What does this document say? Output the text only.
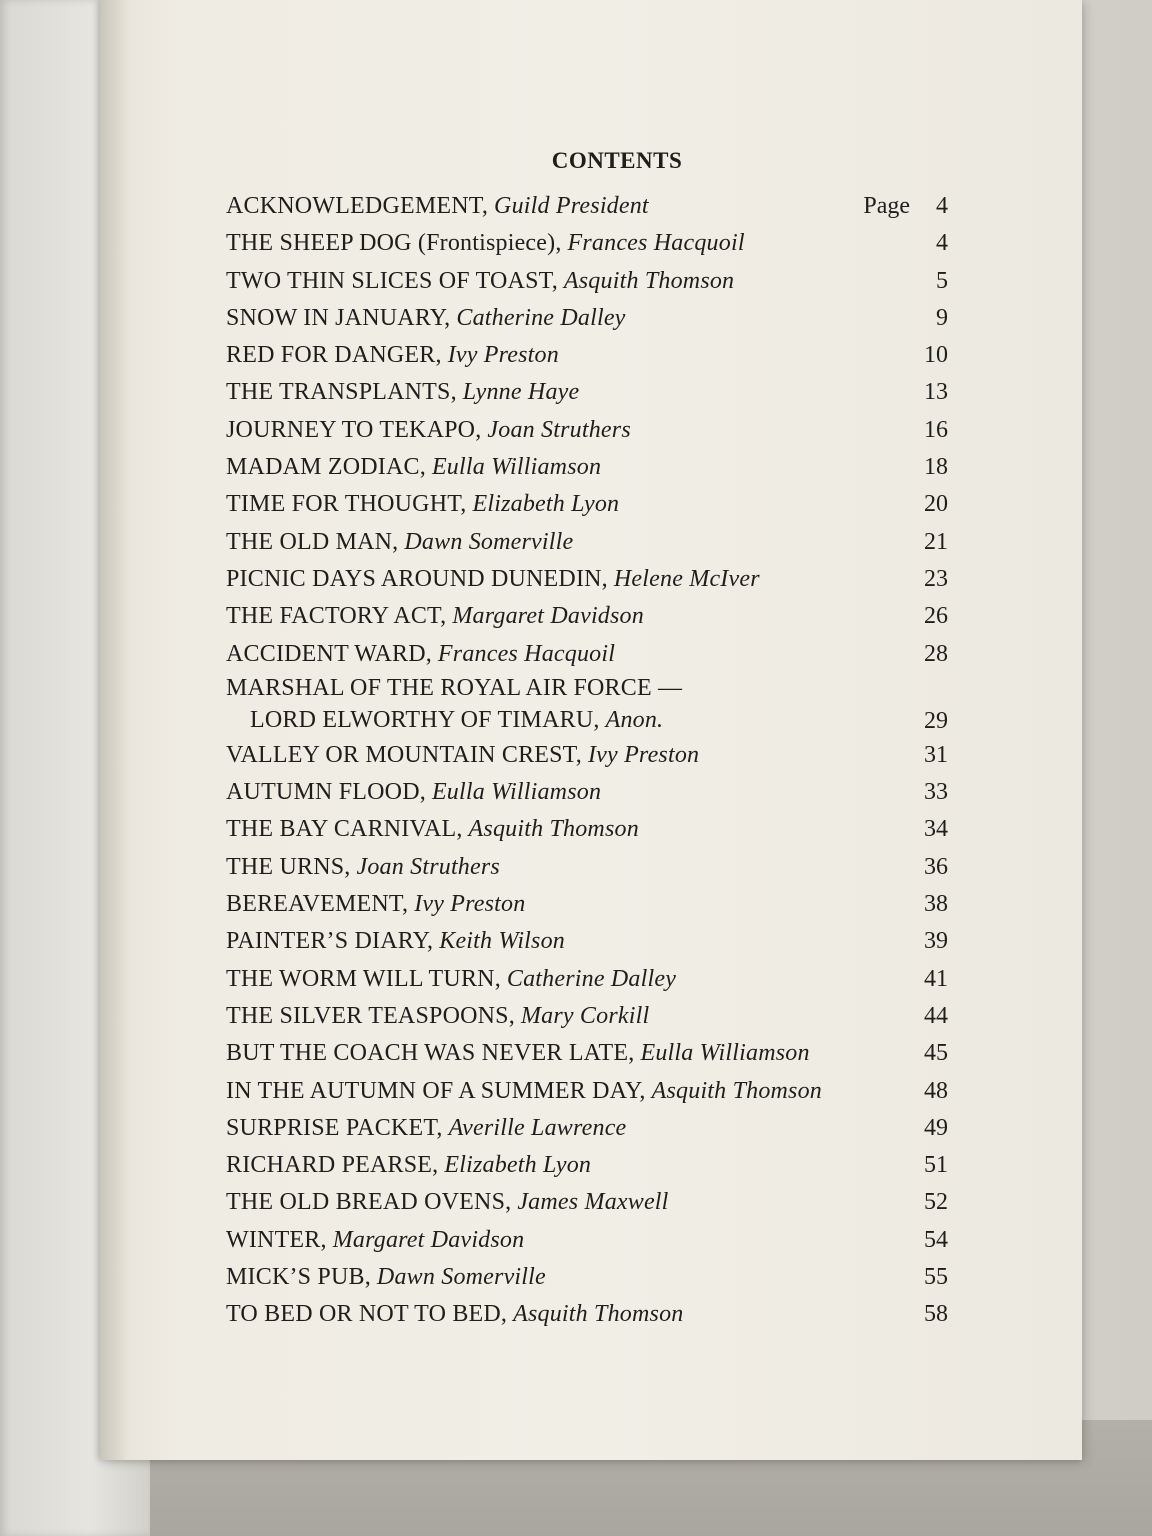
CONTENTS
ACKNOWLEDGEMENT, Guild President	Page 4
THE SHEEP DOG (Frontispiece), Frances Hacquoil	4
TWO THIN SLICES OF TOAST, Asquith Thomson	5
SNOW IN JANUARY, Catherine Dalley	9
RED FOR DANGER, Ivy Preston	10
THE TRANSPLANTS, Lynne Haye	13
JOURNEY TO TEKAPO, Joan Struthers	16
MADAM ZODIAC, Eulla Williamson	18
TIME FOR THOUGHT, Elizabeth Lyon	20
THE OLD MAN, Dawn Somerville	21
PICNIC DAYS AROUND DUNEDIN, Helene McIver	23
THE FACTORY ACT, Margaret Davidson	26
ACCIDENT WARD, Frances Hacquoil	28
MARSHAL OF THE ROYAL AIR FORCE —
LORD ELWORTHY OF TIMARU, Anon.	29
VALLEY OR MOUNTAIN CREST, Ivy Preston	31
AUTUMN FLOOD, Eulla Williamson	33
THE BAY CARNIVAL, Asquith Thomson	34
THE URNS, Joan Struthers	36
BEREAVEMENT, Ivy Preston	38
PAINTER’S DIARY, Keith Wilson	39
THE WORM WILL TURN, Catherine Dalley	41
THE SILVER TEASPOONS, Mary Corkill	44
BUT THE COACH WAS NEVER LATE, Eulla Williamson	45
IN THE AUTUMN OF A SUMMER DAY, Asquith Thomson	48
SURPRISE PACKET, Averille Lawrence	49
RICHARD PEARSE, Elizabeth Lyon	51
THE OLD BREAD OVENS, James Maxwell	52
WINTER, Margaret Davidson	54
MICK’S PUB, Dawn Somerville	55
TO BED OR NOT TO BED, Asquith Thomson	58
